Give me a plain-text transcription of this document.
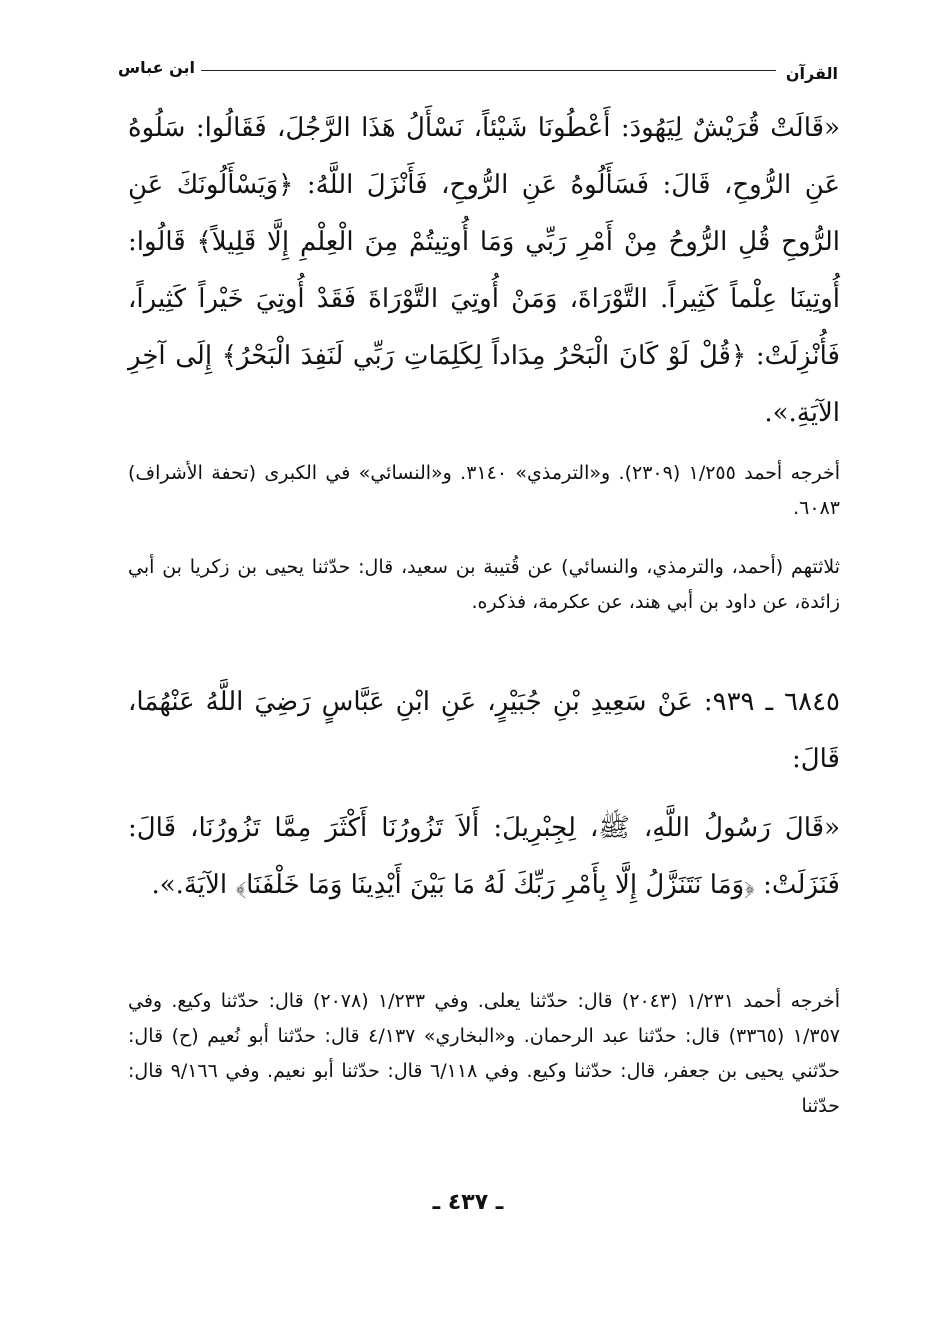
القرآن
ابن عباس
«قَالَتْ قُرَيْشٌ لِيَهُودَ: أَعْطُونَا شَيْئاً، نَسْأَلُ هَذَا الرَّجُلَ، فَقَالُوا: سَلُوهُ عَنِ الرُّوحِ، قَالَ: فَسَأَلُوهُ عَنِ الرُّوحِ، فَأَنْزَلَ اللَّهُ: ﴿وَيَسْأَلُونَكَ عَنِ الرُّوحِ قُلِ الرُّوحُ مِنْ أَمْرِ رَبِّي وَمَا أُوتِيتُمْ مِنَ الْعِلْمِ إِلَّا قَلِيلاً﴾ قَالُوا: أُوتِينَا عِلْماً كَثِيراً. التَّوْرَاةَ، وَمَنْ أُوتِيَ التَّوْرَاةَ فَقَدْ أُوتِيَ خَيْراً كَثِيراً، فَأُنْزِلَتْ: ﴿قُلْ لَوْ كَانَ الْبَحْرُ مِدَاداً لِكَلِمَاتِ رَبِّي لَنَفِدَ الْبَحْرُ﴾ إِلَى آخِرِ الآيَةِ.».
أخرجه أحمد ١/٢٥٥ (٢٣٠٩). و«الترمذي» ٣١٤٠. و«النسائي» في الكبرى (تحفة الأشراف) ٦٠٨٣.
ثلاثتهم (أحمد، والترمذي، والنسائي) عن قُتيبة بن سعيد، قال: حدّثنا يحيى بن زكريا بن أبي زائدة، عن داود بن أبي هند، عن عكرمة، فذكره.
٦٨٤٥ ـ ٩٣٩: عَنْ سَعِيدِ بْنِ جُبَيْرٍ، عَنِ ابْنِ عَبَّاسٍ رَضِيَ اللَّهُ عَنْهُمَا، قَالَ:
«قَالَ رَسُولُ اللَّهِ، ﷺ، لِجِبْرِيلَ: أَلاَ تَزُورُنَا أَكْثَرَ مِمَّا تَزُورُنَا، قَالَ: فَنَزَلَتْ: ﴿وَمَا نَتَنَزَّلُ إِلَّا بِأَمْرِ رَبِّكَ لَهُ مَا بَيْنَ أَيْدِينَا وَمَا خَلْفَنَا﴾ الآيَةَ.».
أخرجه أحمد ١/٢٣١ (٢٠٤٣) قال: حدّثنا يعلى. وفي ١/٢٣٣ (٢٠٧٨) قال: حدّثنا وكيع. وفي ١/٣٥٧ (٣٣٦٥) قال: حدّثنا عبد الرحمان. و«البخاري» ٤/١٣٧ قال: حدّثنا أبو نُعيم (ح) قال: حدّثني يحيى بن جعفر، قال: حدّثنا وكيع. وفي ٦/١١٨ قال: حدّثنا أبو نعيم. وفي ٩/١٦٦ قال: حدّثنا
ـ ٤٣٧ ـ
